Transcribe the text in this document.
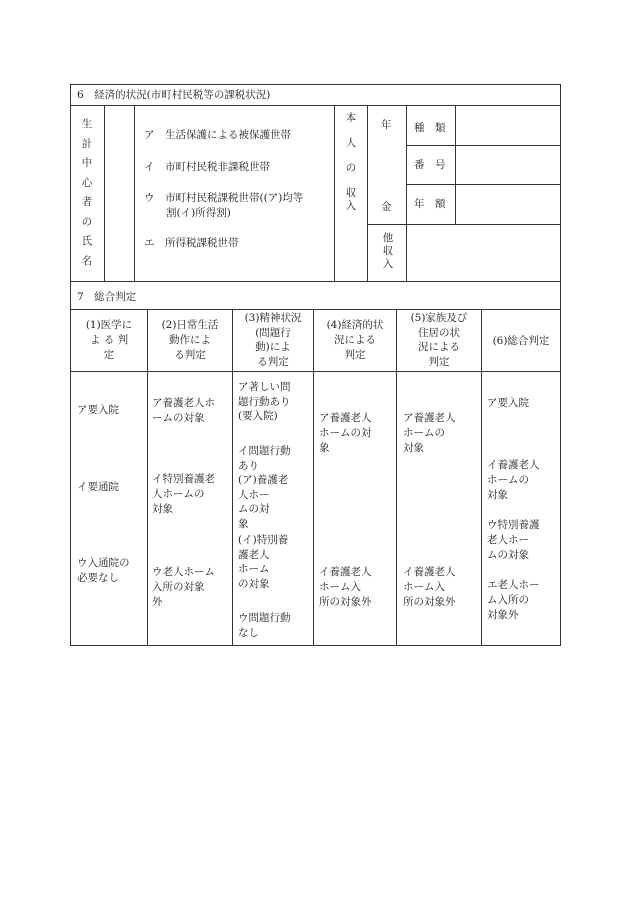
6　経済的状況(市町村民税等の課税状況)
生
計
中
心
者
の
氏
名
ア　生活保護による被保護世帯
イ　市町村民税非課税世帯
ウ　市町村民税課税世帯((ア)均等
割(イ)所得割)
エ　所得税課税世帯
本

人

の

収
入
年
金
他
収
入
種　類
番　号
年　額
7　総合判定
(1)医学に
よ る 判
定
(2)日常生活
動作によ
る判定
(3)精神状況
(問題行
動)によ
る判定
(4)経済的状
況による
判定
(5)家族及び
住居の状
況による
判定
(6)総合判定
ア要入院
イ要通院
ウ入通院の
必要なし
ア養護老人ホ
ームの対象
イ特別養護老
人ホームの
対象
ウ老人ホーム
入所の対象
外
ア著しい問
題行動あり
(要入院)
イ問題行動
あり
(ア)養護老
人ホー
ムの対
象
(イ)特別養
護老人
ホーム
の対象
ウ問題行動
なし
ア養護老人
ホームの対
象
イ養護老人
ホーム入
所の対象外
ア養護老人
ホームの
対象
イ養護老人
ホーム入
所の対象外
ア要入院
イ養護老人
ホームの
対象
ウ特別養護
老人ホー
ムの対象
エ老人ホー
ム入所の
対象外
